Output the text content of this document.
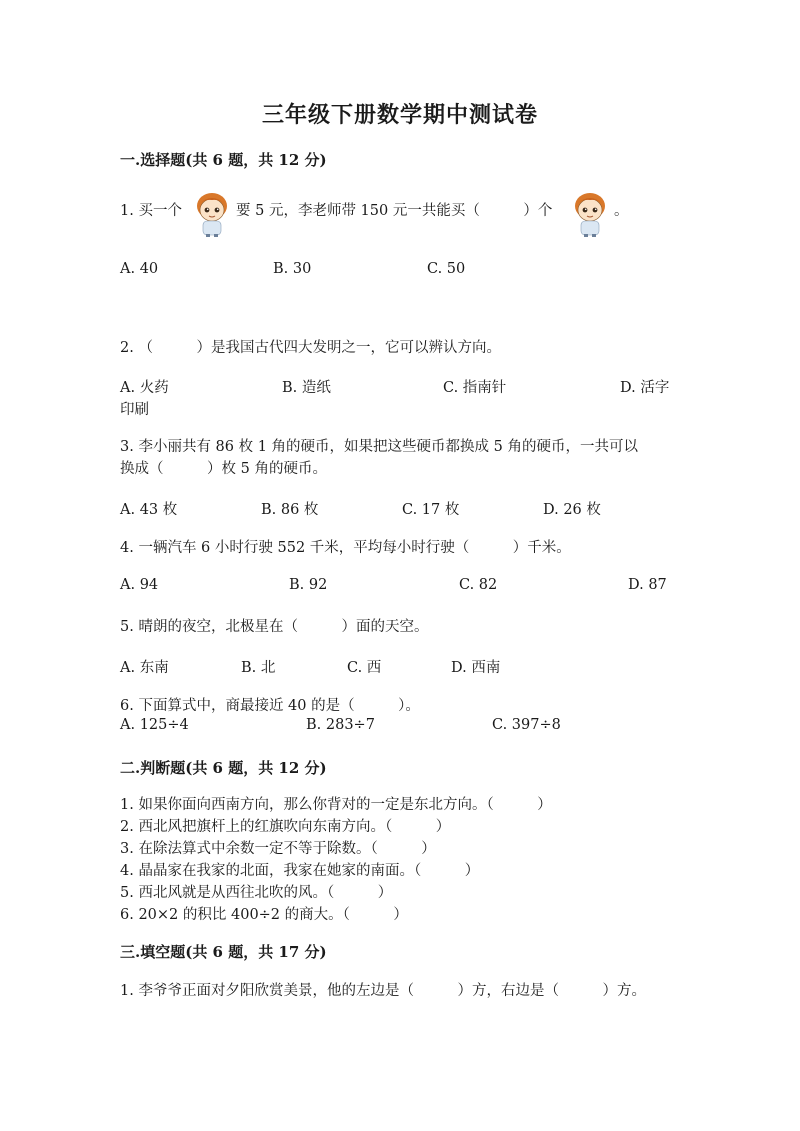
三年级下册数学期中测试卷
一.选择题(共 6 题，共 12 分)
1. 买一个	要 5 元，李老师带 150 元一共能买（　　　）个	。
A. 40	B. 30	C. 50
2. （　　　）是我国古代四大发明之一，它可以辨认方向。
A. 火药	B. 造纸	C. 指南针	D. 活字
印刷
3. 李小丽共有 86 枚 1 角的硬币，如果把这些硬币都换成 5 角的硬币，一共可以
换成（　　　）枚 5 角的硬币。
A. 43 枚	B. 86 枚	C. 17 枚	D. 26 枚
4. 一辆汽车 6 小时行驶 552 千米，平均每小时行驶（　　　）千米。
A. 94	B. 92	C. 82	D. 87
5. 晴朗的夜空，北极星在（　　　）面的天空。
A. 东南	B. 北	C. 西	D. 西南
6. 下面算式中，商最接近 40 的是（　　　）。
A. 125÷4	B. 283÷7	C. 397÷8
二.判断题(共 6 题，共 12 分)
1. 如果你面向西南方向，那么你背对的一定是东北方向。（　　　）
2. 西北风把旗杆上的红旗吹向东南方向。（　　　）
3. 在除法算式中余数一定不等于除数。（　　　）
4. 晶晶家在我家的北面，我家在她家的南面。（　　　）
5. 西北风就是从西往北吹的风。（　　　）
6. 20×2 的积比 400÷2 的商大。（　　　）
三.填空题(共 6 题，共 17 分)
1. 李爷爷正面对夕阳欣赏美景，他的左边是（　　　）方，右边是（　　　）方。
